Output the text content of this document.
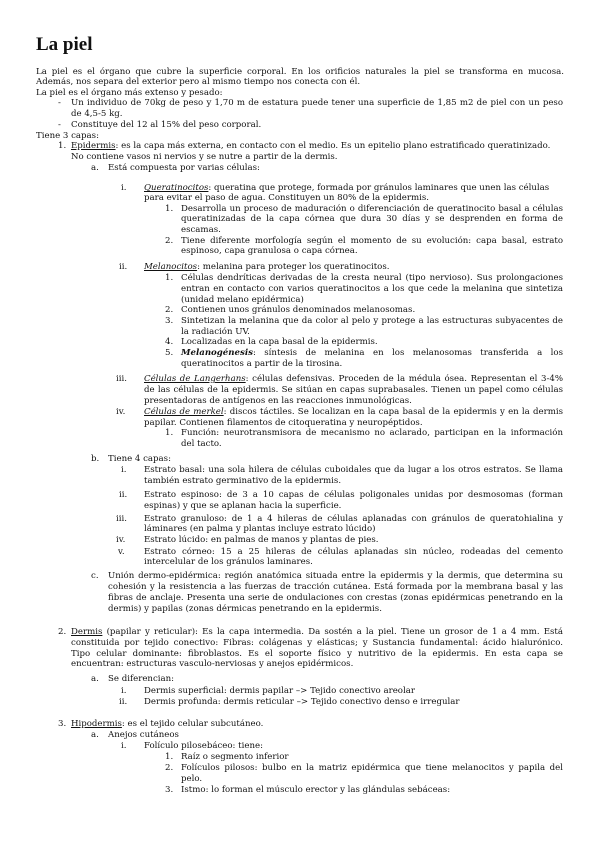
La piel
La piel es el órgano que cubre la superficie corporal. En los orificios naturales la piel se transforma en mucosa.
Además, nos separa del exterior pero al mismo tiempo nos conecta con él.
La piel es el órgano más extenso y pesado:
- Un individuo de 70kg de peso y 1,70 m de estatura puede tener una superficie de 1,85 m2 de piel con un peso
de 4,5-5 kg.
- Constituye del 12 al 15% del peso corporal.
Tiene 3 capas:
1. Epidermis: es la capa más externa, en contacto con el medio. Es un epitelio plano estratificado queratinizado.
No contiene vasos ni nervios y se nutre a partir de la dermis.
a. Está compuesta por varias células:
i. Queratinocitos: queratina que protege, formada por gránulos laminares que unen las células
para evitar el paso de agua. Constituyen un 80% de la epidermis.
1. Desarrolla un proceso de maduración o diferenciación de queratinocito basal a células
queratinizadas de la capa córnea que dura 30 días y se desprenden en forma de
escamas.
2. Tiene diferente morfología según el momento de su evolución: capa basal, estrato
espinoso, capa granulosa o capa córnea.
ii. Melanocitos: melanina para proteger los queratinocitos.
1. Células dendríticas derivadas de la cresta neural (tipo nervioso). Sus prolongaciones
entran en contacto con varios queratinocitos a los que cede la melanina que sintetiza
(unidad melano epidérmica)
2. Contienen unos gránulos denominados melanosomas.
3. Sintetizan la melanina que da color al pelo y protege a las estructuras subyacentes de
la radiación UV.
4. Localizadas en la capa basal de la epidermis.
5. Melanogénesis: síntesis de melanina en los melanosomas transferida a los
queratinocitos a partir de la tirosina.
iii. Células de Langerhans: células defensivas. Proceden de la médula ósea. Representan el 3-4%
de las células de la epidermis. Se sitúan en capas suprabasales. Tienen un papel como células
presentadoras de antígenos en las reacciones inmunológicas.
iv. Células de merkel: discos táctiles. Se localizan en la capa basal de la epidermis y en la dermis
papilar. Contienen filamentos de citoqueratina y neuropéptidos.
1. Función: neurotransmisora de mecanismo no aclarado, participan en la información
del tacto.
b. Tiene 4 capas:
i. Estrato basal: una sola hilera de células cuboidales que da lugar a los otros estratos. Se llama
también estrato germinativo de la epidermis.
ii. Estrato espinoso: de 3 a 10 capas de células poligonales unidas por desmosomas (forman
espinas) y que se aplanan hacia la superficie.
iii. Estrato granuloso: de 1 a 4 hileras de células aplanadas con gránulos de queratohialina y
láminares (en palma y plantas incluye estrato lúcido)
iv. Estrato lúcido: en palmas de manos y plantas de pies.
v. Estrato córneo: 15 a 25 hileras de células aplanadas sin núcleo, rodeadas del cemento
intercelular de los gránulos laminares.
c. Unión dermo-epidérmica: región anatómica situada entre la epidermis y la dermis, que determina su
cohesión y la resistencia a las fuerzas de tracción cutánea. Está formada por la membrana basal y las
fibras de anclaje. Presenta una serie de ondulaciones con crestas (zonas epidérmicas penetrando en la
dermis) y papilas (zonas dérmicas penetrando en la epidermis.
2. Dermis (papilar y reticular): Es la capa intermedia. Da sostén a la piel. Tiene un grosor de 1 a 4 mm. Está
constituida por tejido conectivo: Fibras: colágenas y elásticas; y Sustancia fundamental: ácido hialurónico.
Tipo celular dominante: fibroblastos. Es el soporte físico y nutritivo de la epidermis. En esta capa se
encuentran: estructuras vasculo-nerviosas y anejos epidérmicos.
a. Se diferencian:
i. Dermis superficial: dermis papilar –> Tejido conectivo areolar
ii. Dermis profunda: dermis reticular –> Tejido conectivo denso e irregular
3. Hipodermis: es el tejido celular subcutáneo.
a. Anejos cutáneos
i. Folículo pilosebáceo: tiene:
1. Raíz o segmento inferior
2. Folículos pilosos: bulbo en la matriz epidérmica que tiene melanocitos y papila del
pelo.
3. Istmo: lo forman el músculo erector y las glándulas sebáceas:
